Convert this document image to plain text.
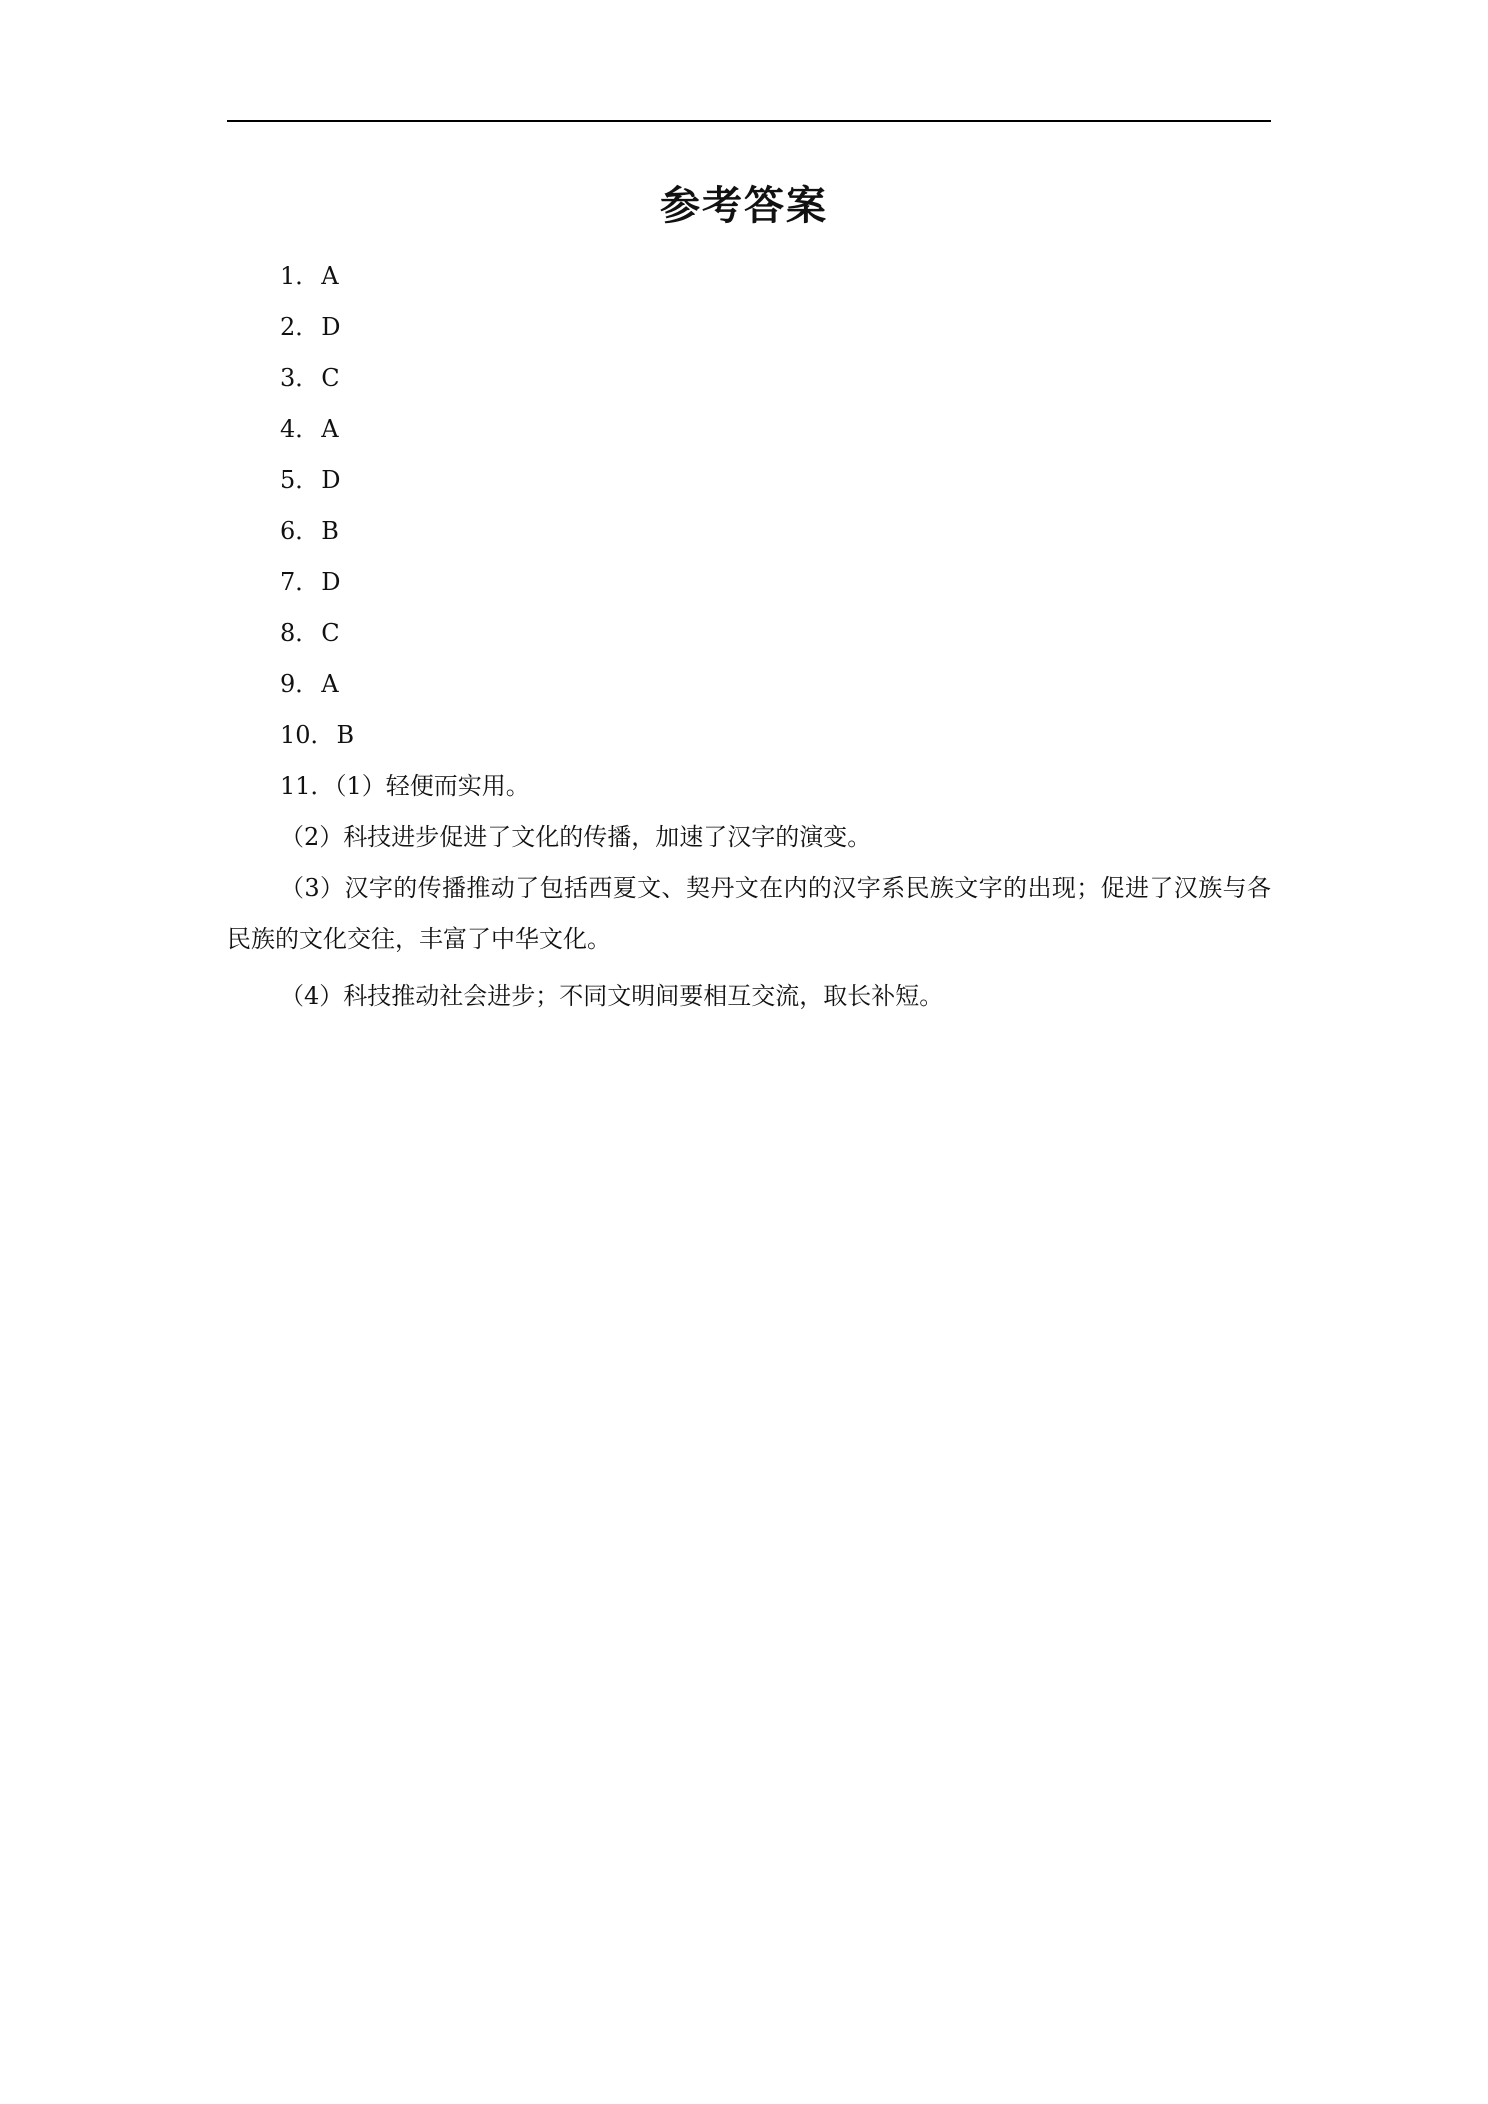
参考答案
1．A
2．D
3．C
4．A
5．D
6．B
7．D
8．C
9．A
10．B

11．（1）轻便而实用。

（2）科技进步促进了文化的传播，加速了汉字的演变。

（3）汉字的传播推动了包括西夏文、契丹文在内的汉字系民族文字的出现；促进了汉族与各民族的文化交往，丰富了中华文化。

（4）科技推动社会进步；不同文明间要相互交流，取长补短。
